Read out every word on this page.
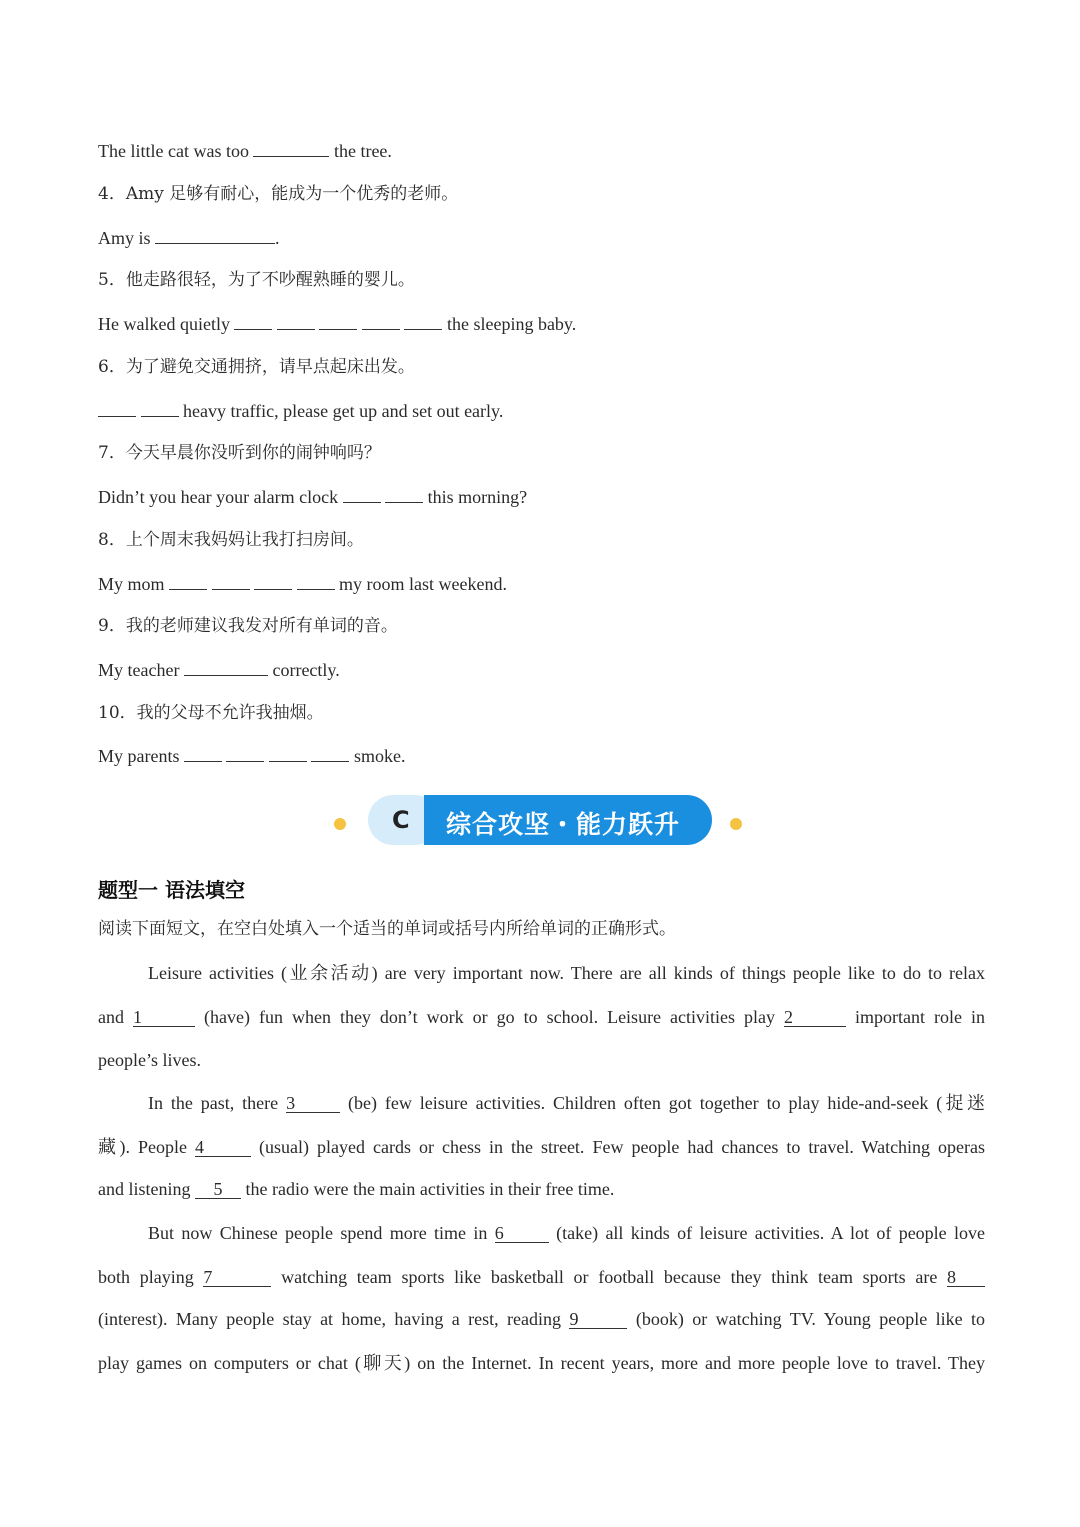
The little cat was too	the tree.
4．Amy 足够有耐心，能成为一个优秀的老师。
Amy is	.
5．他走路很轻，为了不吵醒熟睡的婴儿。
He walked quietly	the sleeping baby.
6．为了避免交通拥挤，请早点起床出发。
heavy traffic, please get up and set out early.
7．今天早晨你没听到你的闹钟响吗？
Didn’t you hear your alarm clock	this morning?
8．上个周末我妈妈让我打扫房间。
My mom	my room last weekend.
9．我的老师建议我发对所有单词的音。
My teacher	correctly.
10．我的父母不允许我抽烟。
My parents	smoke.
C 综合攻坚・能力跃升
题型一 语法填空
阅读下面短文，在空白处填入一个适当的单词或括号内所给单词的正确形式。
Leisure activities (业余活动) are very important now. There are all kinds of things people like to do to relax
and 1	(have) fun when they don’t work or go to school. Leisure activities play 2	important role in
people’s lives.
In the past, there 3	(be) few leisure activities. Children often got together to play hide-and-seek (捉迷
藏). People 4	(usual) played cards or chess in the street. Few people had chances to travel. Watching operas
and listening 5 the radio were the main activities in their free time.
But now Chinese people spend more time in 6	(take) all kinds of leisure activities. A lot of people love
both playing 7	watching team sports like basketball or football because they think team sports are 8
(interest). Many people stay at home, having a rest, reading 9	(book) or watching TV. Young people like to
play games on computers or chat (聊天) on the Internet. In recent years, more and more people love to travel. They
